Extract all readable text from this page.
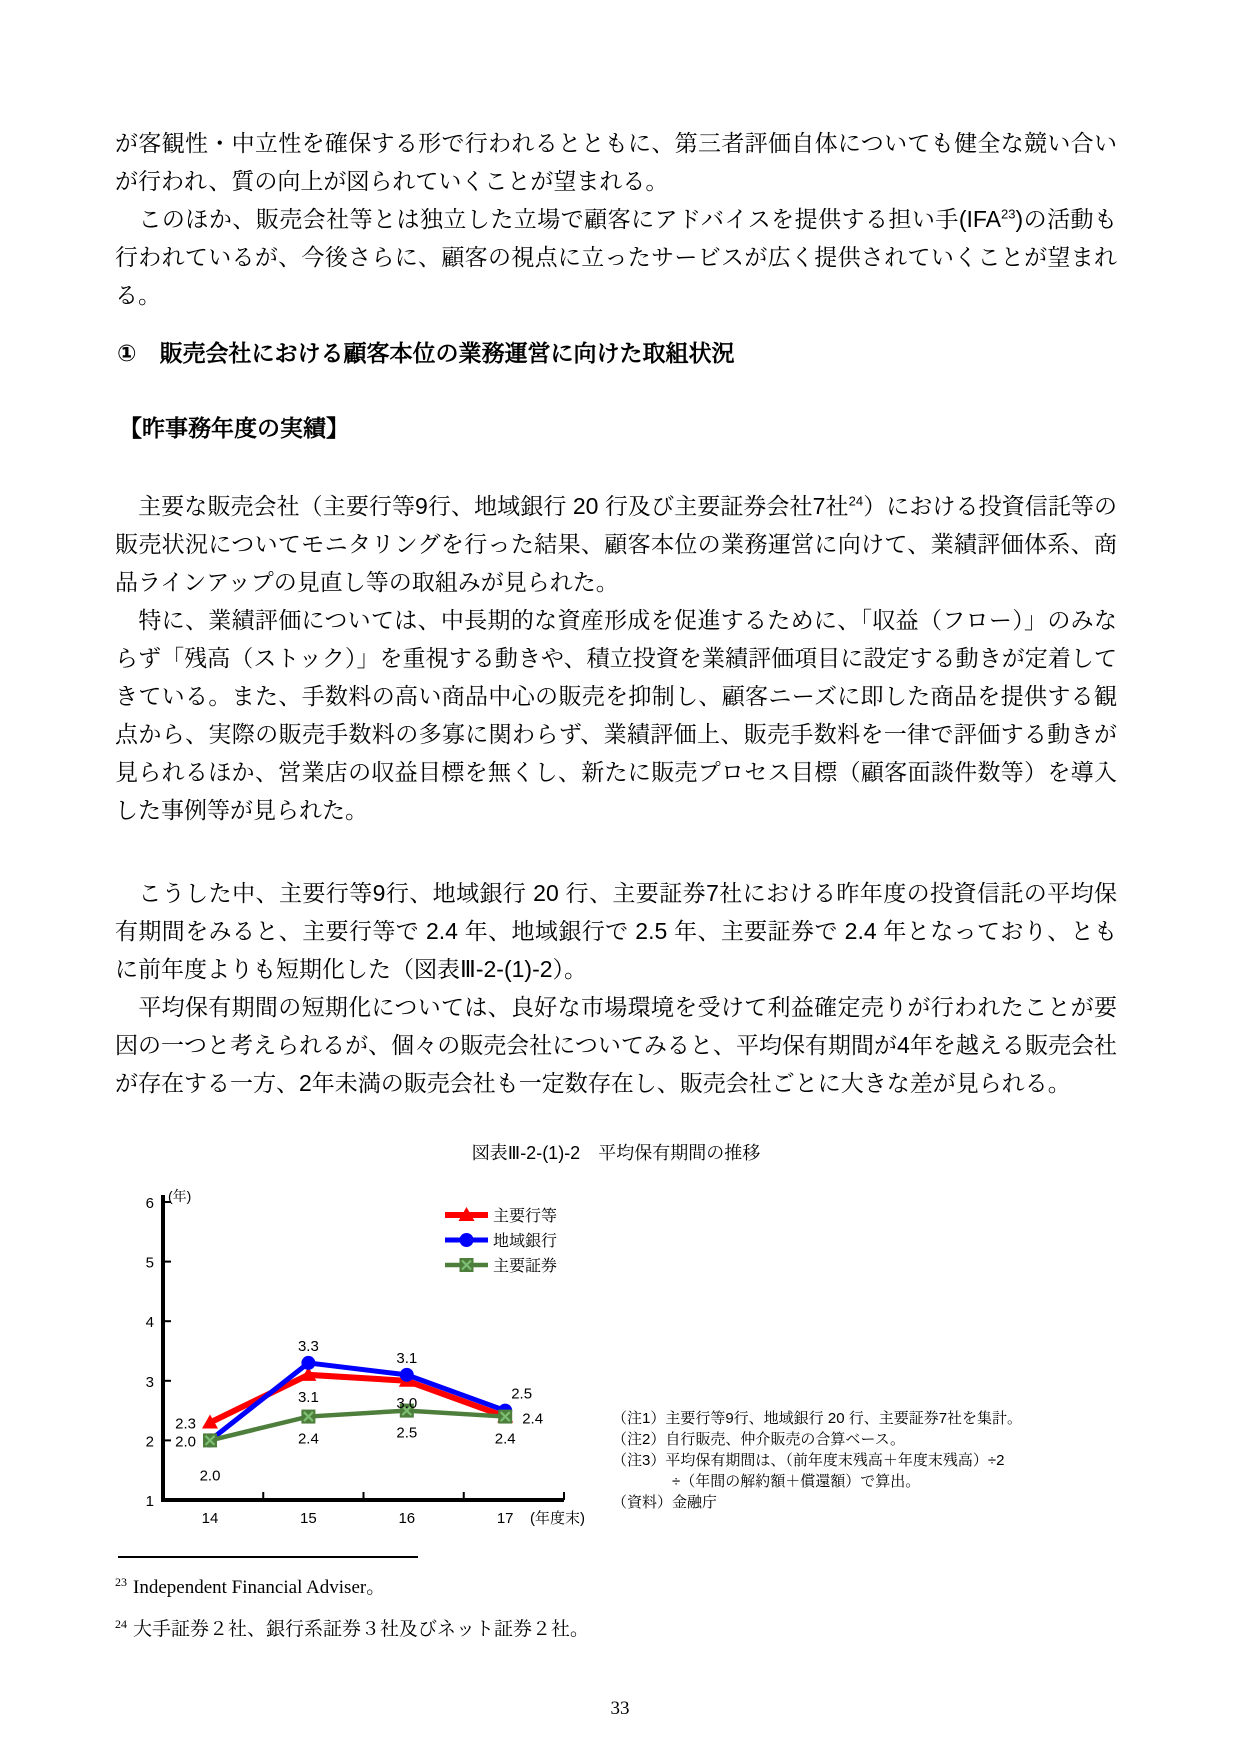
が客観性・中立性を確保する形で行われるとともに、第三者評価自体についても健全な競い合いが行われ、質の向上が図られていくことが望まれる。

　このほか、販売会社等とは独立した立場で顧客にアドバイスを提供する担い手(IFA$^{23}$)の活動も行われているが、今後さらに、顧客の視点に立ったサービスが広く提供されていくことが望まれる。

①　販売会社における顧客本位の業務運営に向けた取組状況
【昨事務年度の実績】

　主要な販売会社（主要行等9行、地域銀行 20 行及び主要証券会社7社$^{24}$）における投資信託等の販売状況についてモニタリングを行った結果、顧客本位の業務運営に向けて、業績評価体系、商品ラインアップの見直し等の取組みが見られた。

　特に、業績評価については、中長期的な資産形成を促進するために、「収益（フロー）」のみならず「残高（ストック）」を重視する動きや、積立投資を業績評価項目に設定する動きが定着してきている。また、手数料の高い商品中心の販売を抑制し、顧客ニーズに即した商品を提供する観点から、実際の販売手数料の多寡に関わらず、業績評価上、販売手数料を一律で評価する動きが見られるほか、営業店の収益目標を無くし、新たに販売プロセス目標（顧客面談件数等）を導入した事例等が見られた。

　こうした中、主要行等9行、地域銀行 20 行、主要証券7社における昨年度の投資信託の平均保有期間をみると、主要行等で 2.4 年、地域銀行で 2.5 年、主要証券で 2.4 年となっており、ともに前年度よりも短期化した（図表Ⅲ-2-(1)-2）。

　平均保有期間の短期化については、良好な市場環境を受けて利益確定売りが行われたことが要因の一つと考えられるが、個々の販売会社についてみると、平均保有期間が4年を越える販売会社が存在する一方、2年未満の販売会社も一定数存在し、販売会社ごとに大きな差が見られる。

図表Ⅲ-2-(1)-2　平均保有期間の推移
1
2
3
4
5
6
14	15	16	17 (年度末)
(年)
2.3
3.1	3.0
2.4
2.0
3.3
3.1
2.5
2.0
2.4	2.5	2.4
主要行等
地域銀行
主要証券
（注1）主要行等9行、地域銀行 20 行、主要証券7社を集計。
（注2）自行販売、仲介販売の合算ベース。
（注3）平均保有期間は、（前年度末残高＋年度末残高）÷2
　　　　÷（年間の解約額＋償還額）で算出。
（資料）金融庁
$^{23}$ Independent Financial Adviser。
$^{24}$ 大手証券２社、銀行系証券３社及びネット証券２社。
33
